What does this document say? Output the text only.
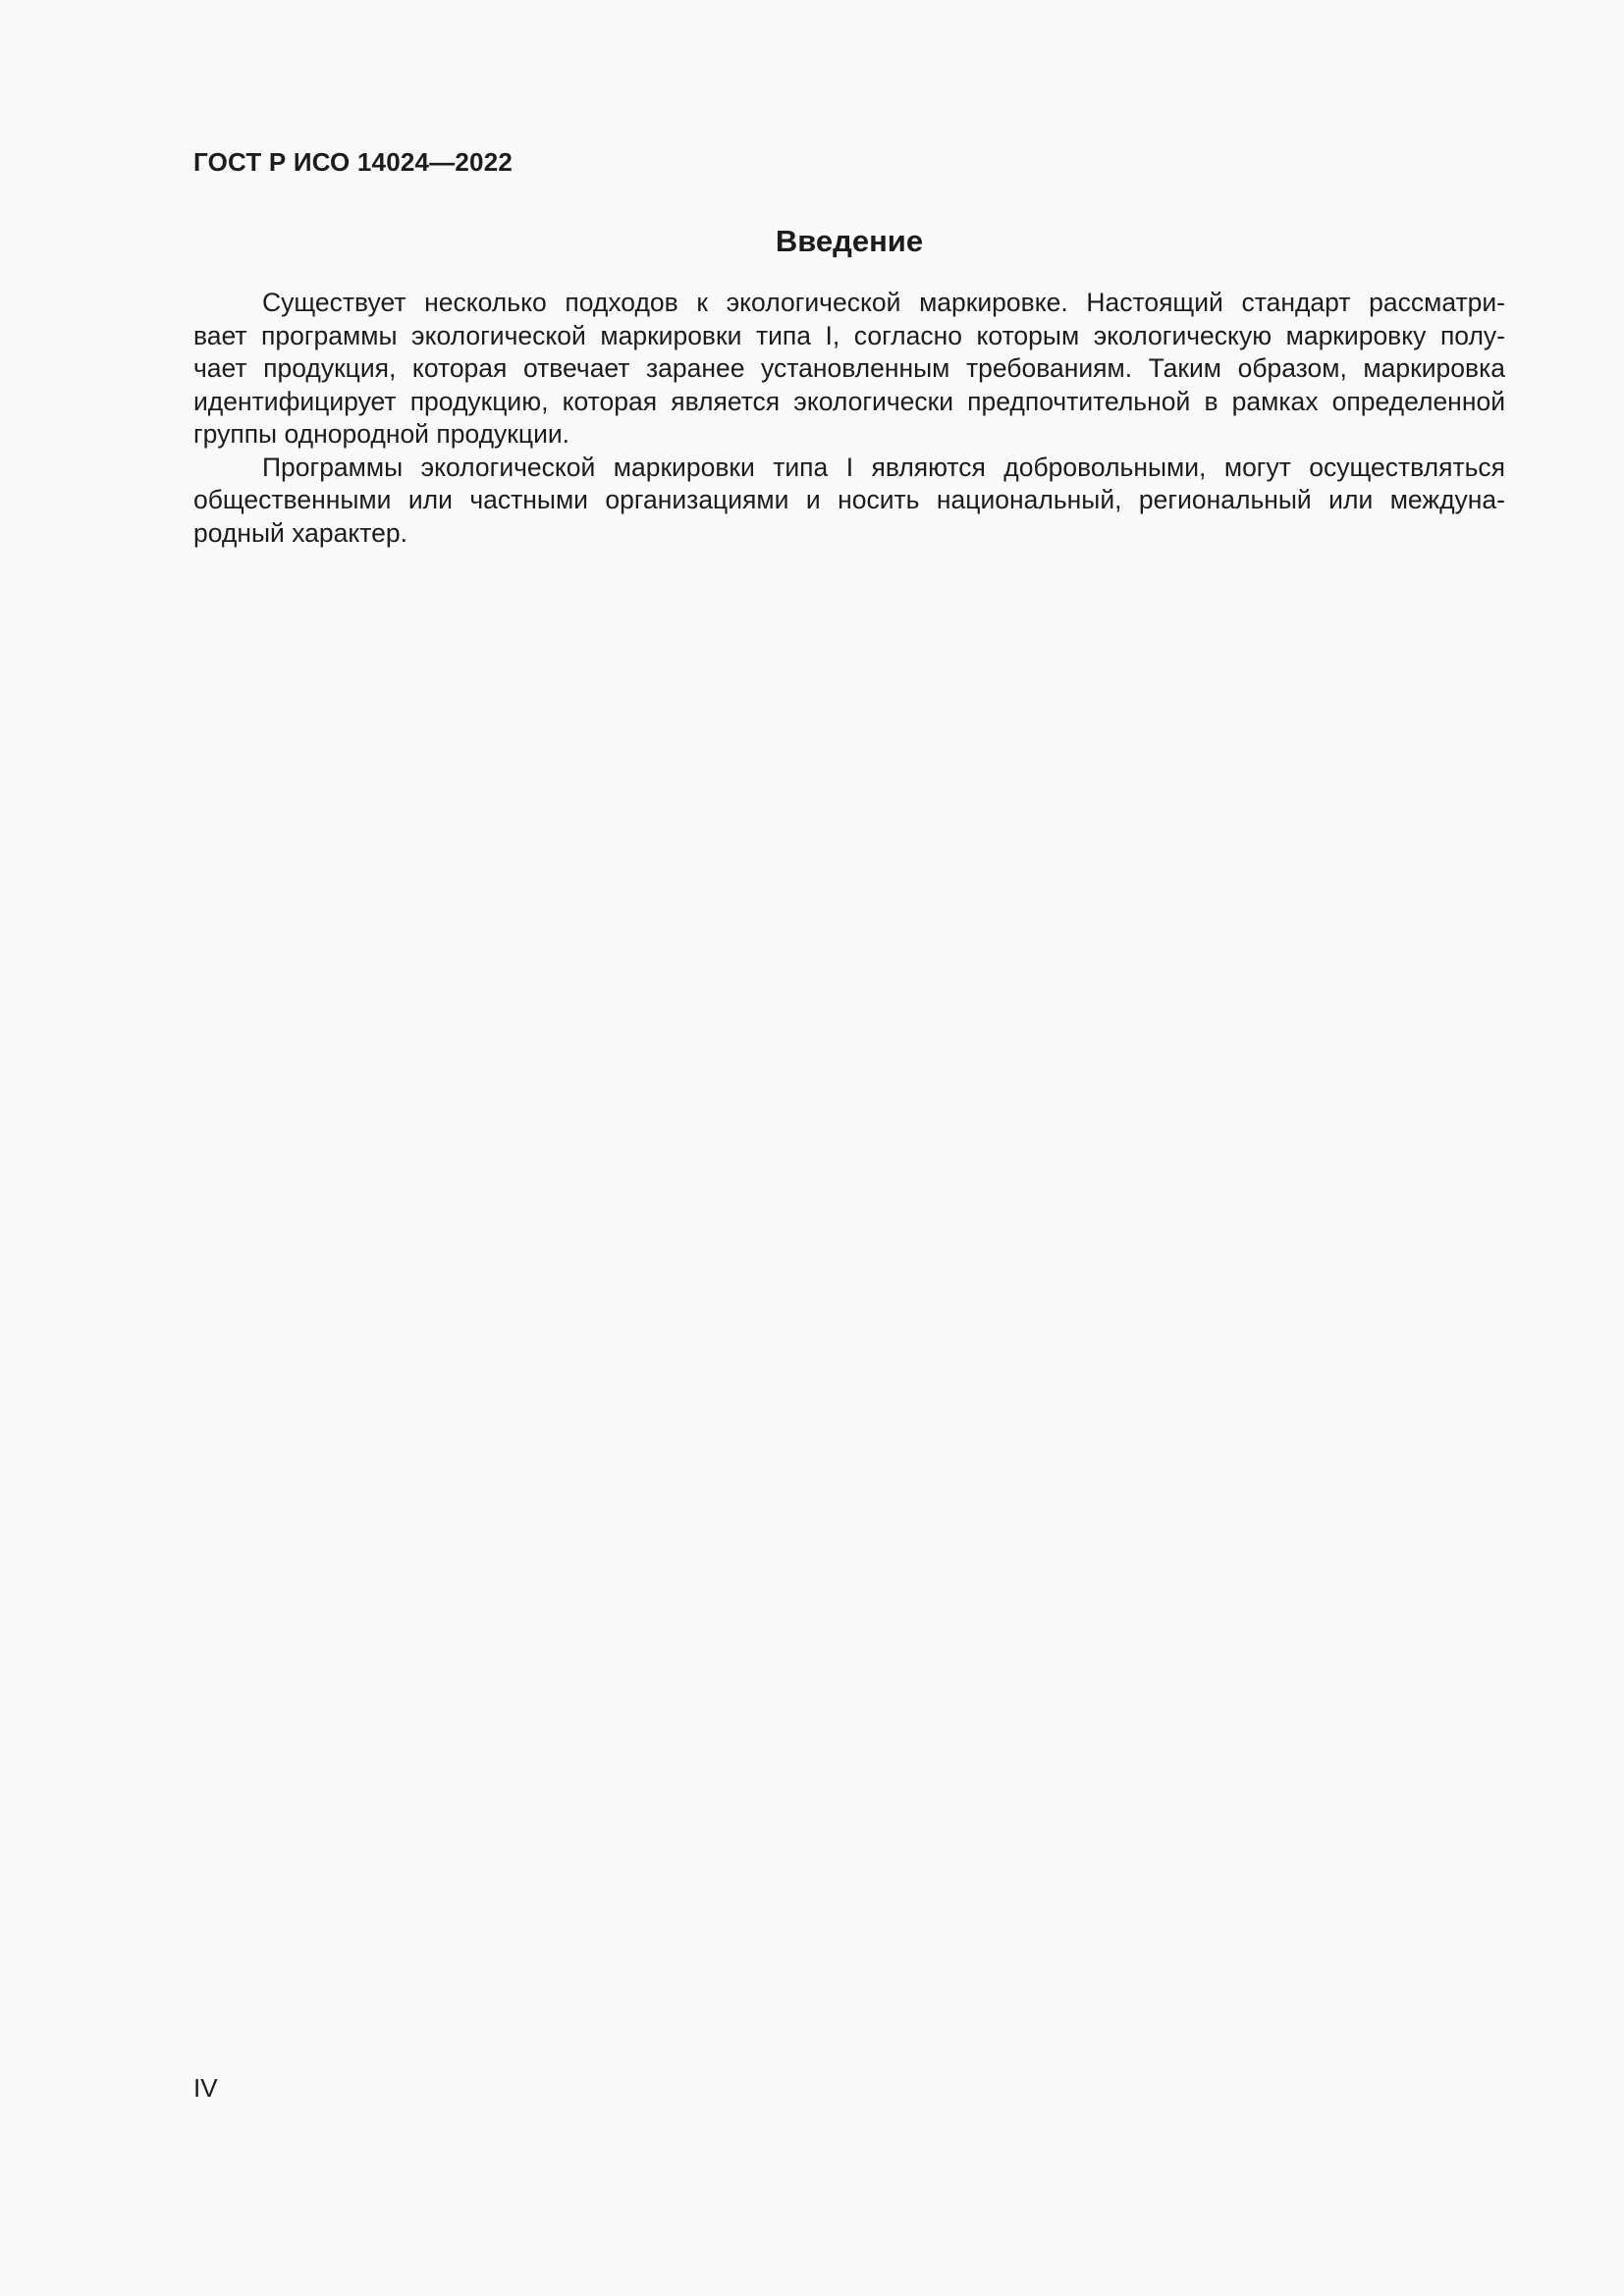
ГОСТ Р ИСО 14024—2022
Введение

Существует несколько подходов к экологической маркировке. Настоящий стандарт рассматри-
вает программы экологической маркировки типа I, согласно которым экологическую маркировку полу-
чает продукция, которая отвечает заранее установленным требованиям. Таким образом, маркировка
идентифицирует продукцию, которая является экологически предпочтительной в рамках определенной
группы однородной продукции.

Программы экологической маркировки типа I являются добровольными, могут осуществляться
общественными или частными организациями и носить национальный, региональный или междуна-
родный характер.

IV
